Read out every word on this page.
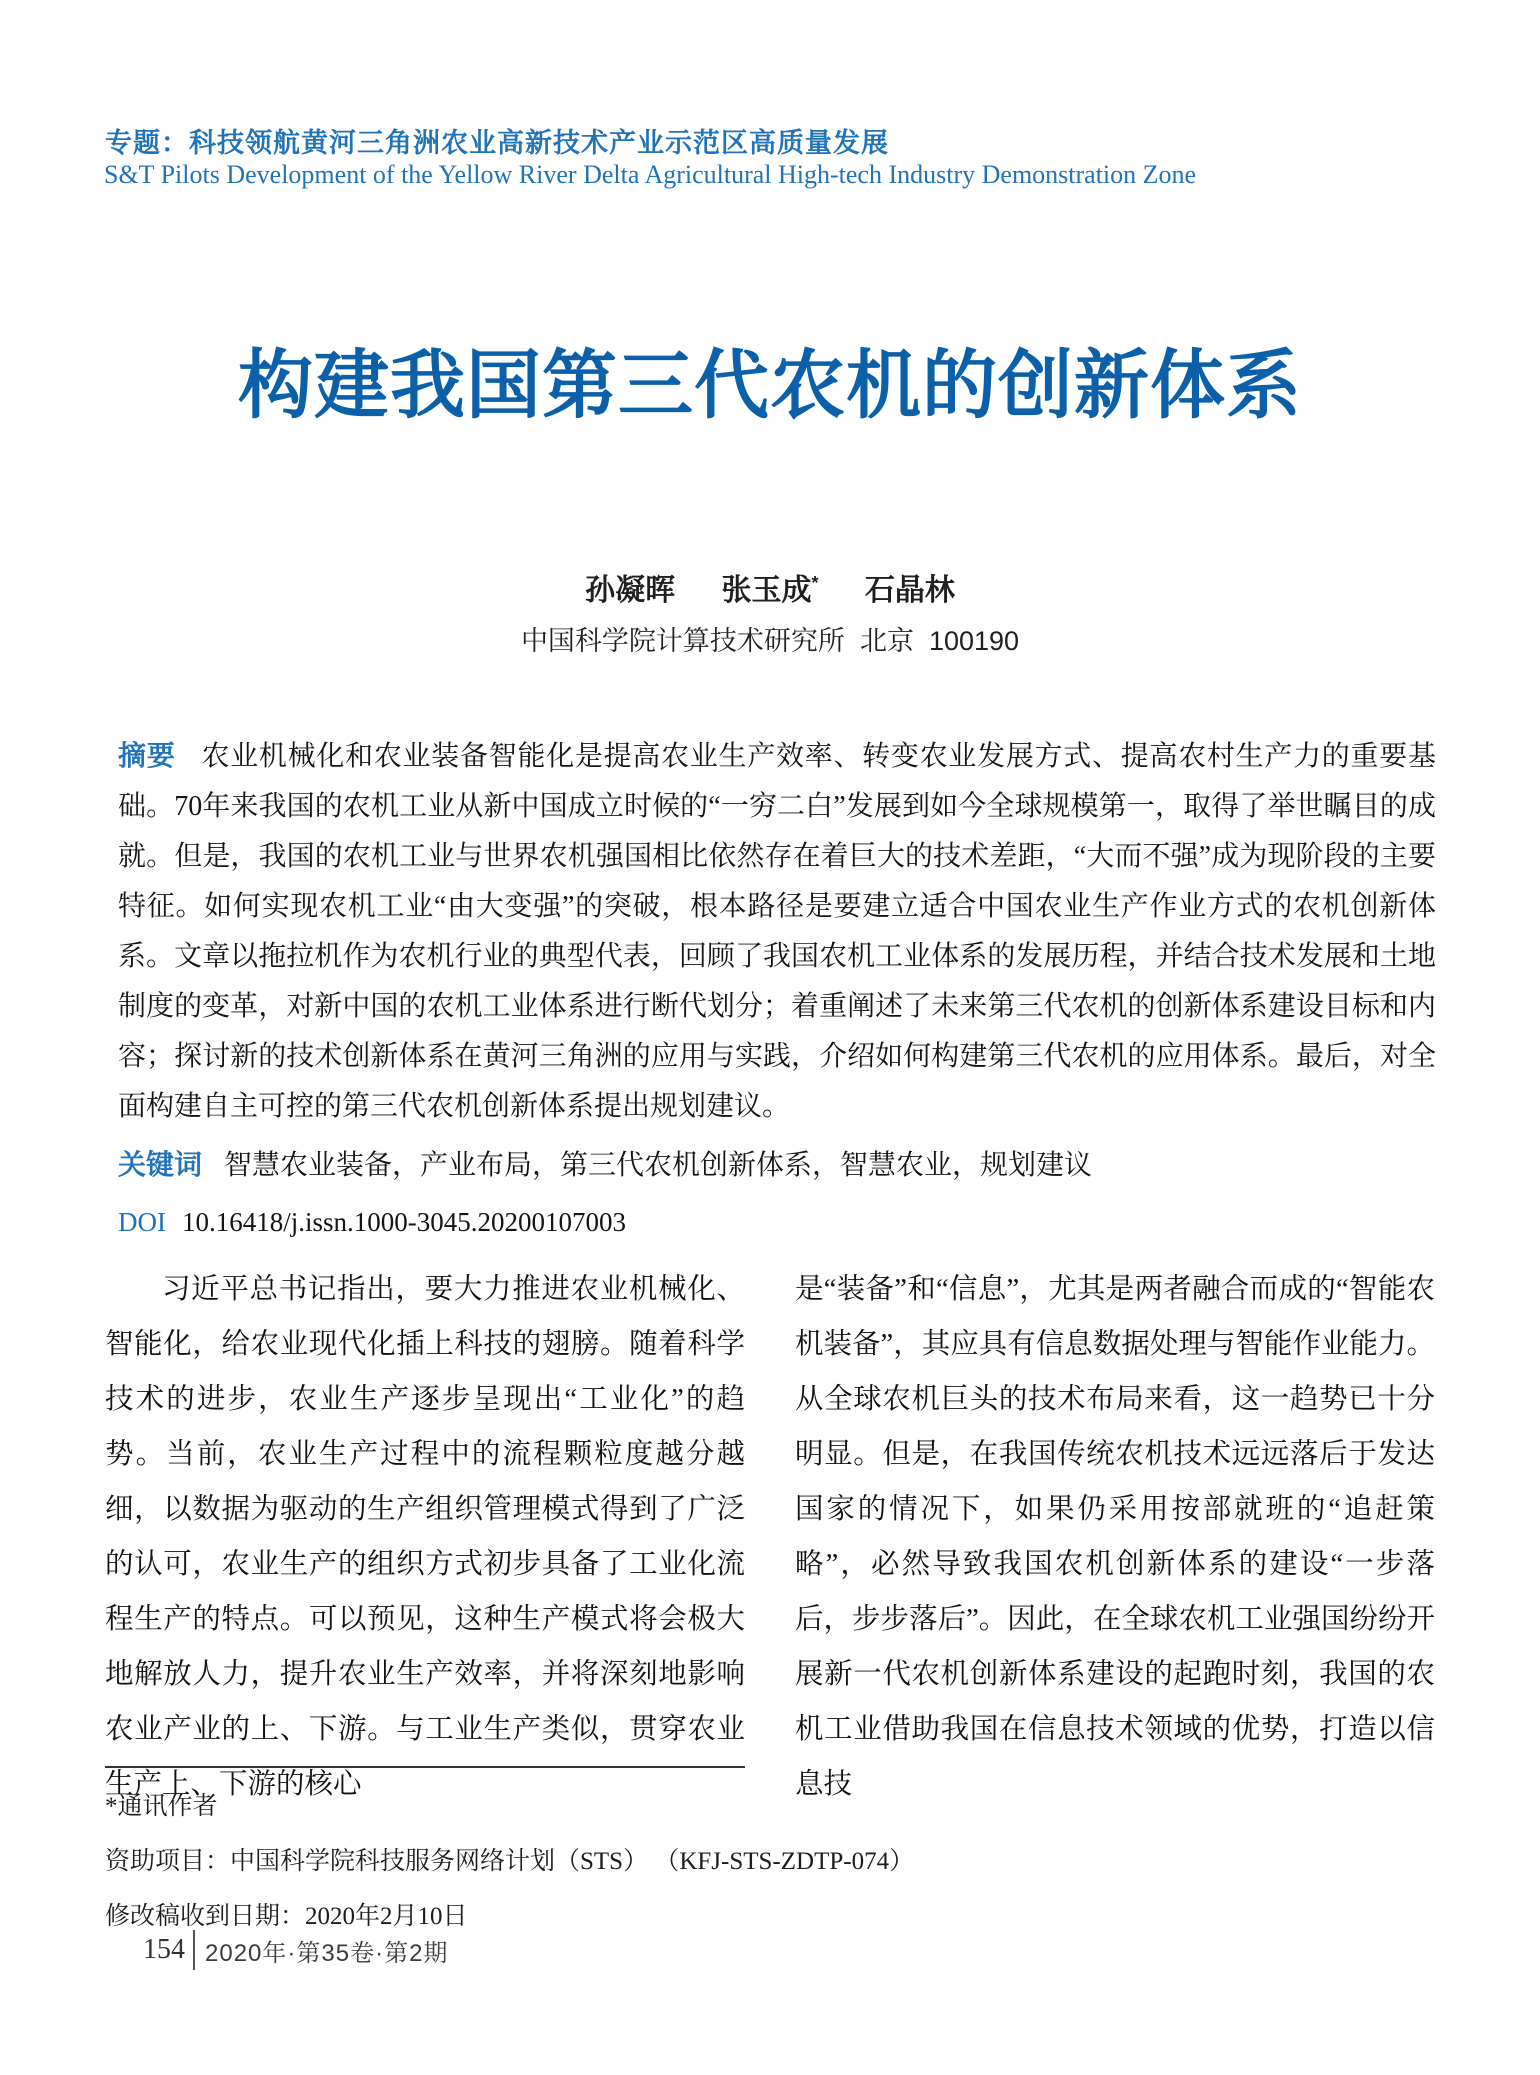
专题：科技领航黄河三角洲农业高新技术产业示范区高质量发展
S&T Pilots Development of the Yellow River Delta Agricultural High-tech Industry Demonstration Zone
构建我国第三代农机的创新体系
孙凝晖 张玉成* 石晶林
中国科学院计算技术研究所  北京  100190
摘要 农业机械化和农业装备智能化是提高农业生产效率、转变农业发展方式、提高农村生产力的重要基础。70年来我国的农机工业从新中国成立时候的“一穷二白”发展到如今全球规模第一，取得了举世瞩目的成就。但是，我国的农机工业与世界农机强国相比依然存在着巨大的技术差距，“大而不强”成为现阶段的主要特征。如何实现农机工业“由大变强”的突破，根本路径是要建立适合中国农业生产作业方式的农机创新体系。文章以拖拉机作为农机行业的典型代表，回顾了我国农机工业体系的发展历程，并结合技术发展和土地制度的变革，对新中国的农机工业体系进行断代划分；着重阐述了未来第三代农机的创新体系建设目标和内容；探讨新的技术创新体系在黄河三角洲的应用与实践，介绍如何构建第三代农机的应用体系。最后，对全面构建自主可控的第三代农机创新体系提出规划建议。
关键词 智慧农业装备，产业布局，第三代农机创新体系，智慧农业，规划建议
DOI 10.16418/j.issn.1000-3045.20200107003

习近平总书记指出，要大力推进农业机械化、智能化，给农业现代化插上科技的翅膀。随着科学技术的进步，农业生产逐步呈现出“工业化”的趋势。当前，农业生产过程中的流程颗粒度越分越细，以数据为驱动的生产组织管理模式得到了广泛的认可，农业生产的组织方式初步具备了工业化流程生产的特点。可以预见，这种生产模式将会极大地解放人力，提升农业生产效率，并将深刻地影响农业产业的上、下游。与工业生产类似，贯穿农业生产上、下游的核心

是“装备”和“信息”，尤其是两者融合而成的“智能农机装备”，其应具有信息数据处理与智能作业能力。从全球农机巨头的技术布局来看，这一趋势已十分明显。但是，在我国传统农机技术远远落后于发达国家的情况下，如果仍采用按部就班的“追赶策略”，必然导致我国农机创新体系的建设“一步落后，步步落后”。因此，在全球农机工业强国纷纷开展新一代农机创新体系建设的起跑时刻，我国的农机工业借助我国在信息技术领域的优势，打造以信息技

*通讯作者
资助项目：中国科学院科技服务网络计划（STS） （KFJ-STS-ZDTP-074）
修改稿收到日期：2020年2月10日
154 2020年·第35卷·第2期
